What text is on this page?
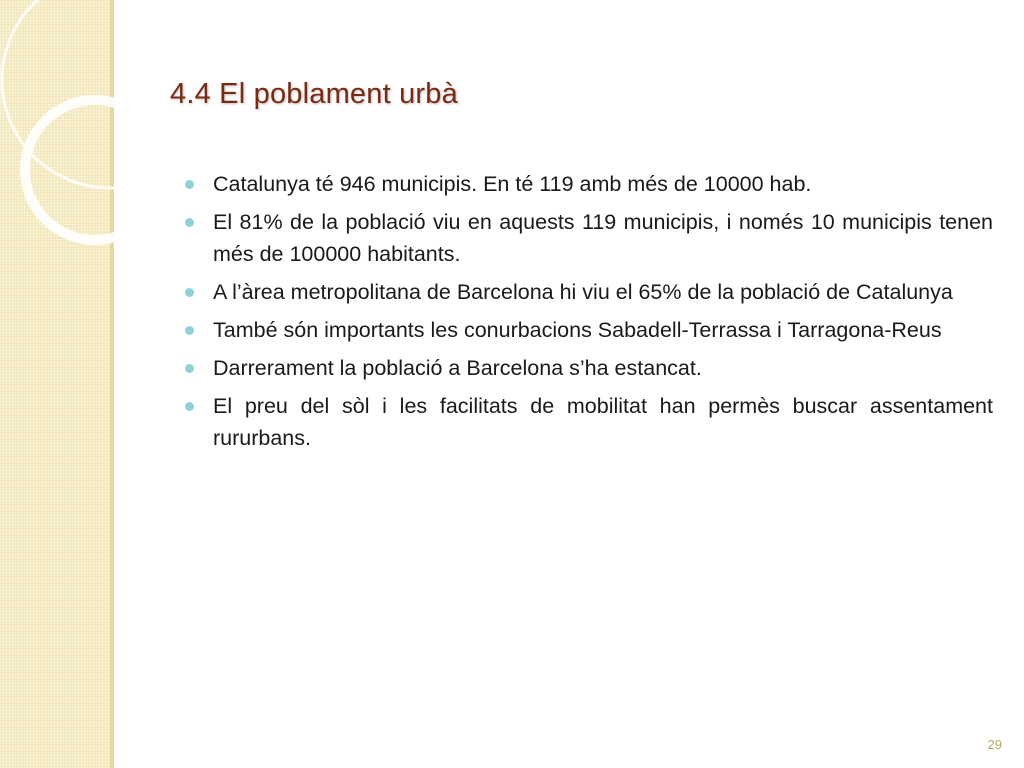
4.4 El poblament urbà
Catalunya té 946 municipis. En té 119 amb més de 10000 hab.
El 81% de la població viu en aquests 119 municipis, i només 10 municipis tenen més de 100000 habitants.
A l’àrea metropolitana de Barcelona hi viu el 65% de la població de Catalunya
També són importants les conurbacions Sabadell-Terrassa i Tarragona-Reus
Darrerament la població a Barcelona s’ha estancat.
El preu del sòl i les facilitats de mobilitat han permès buscar assentament rururbans.
29
